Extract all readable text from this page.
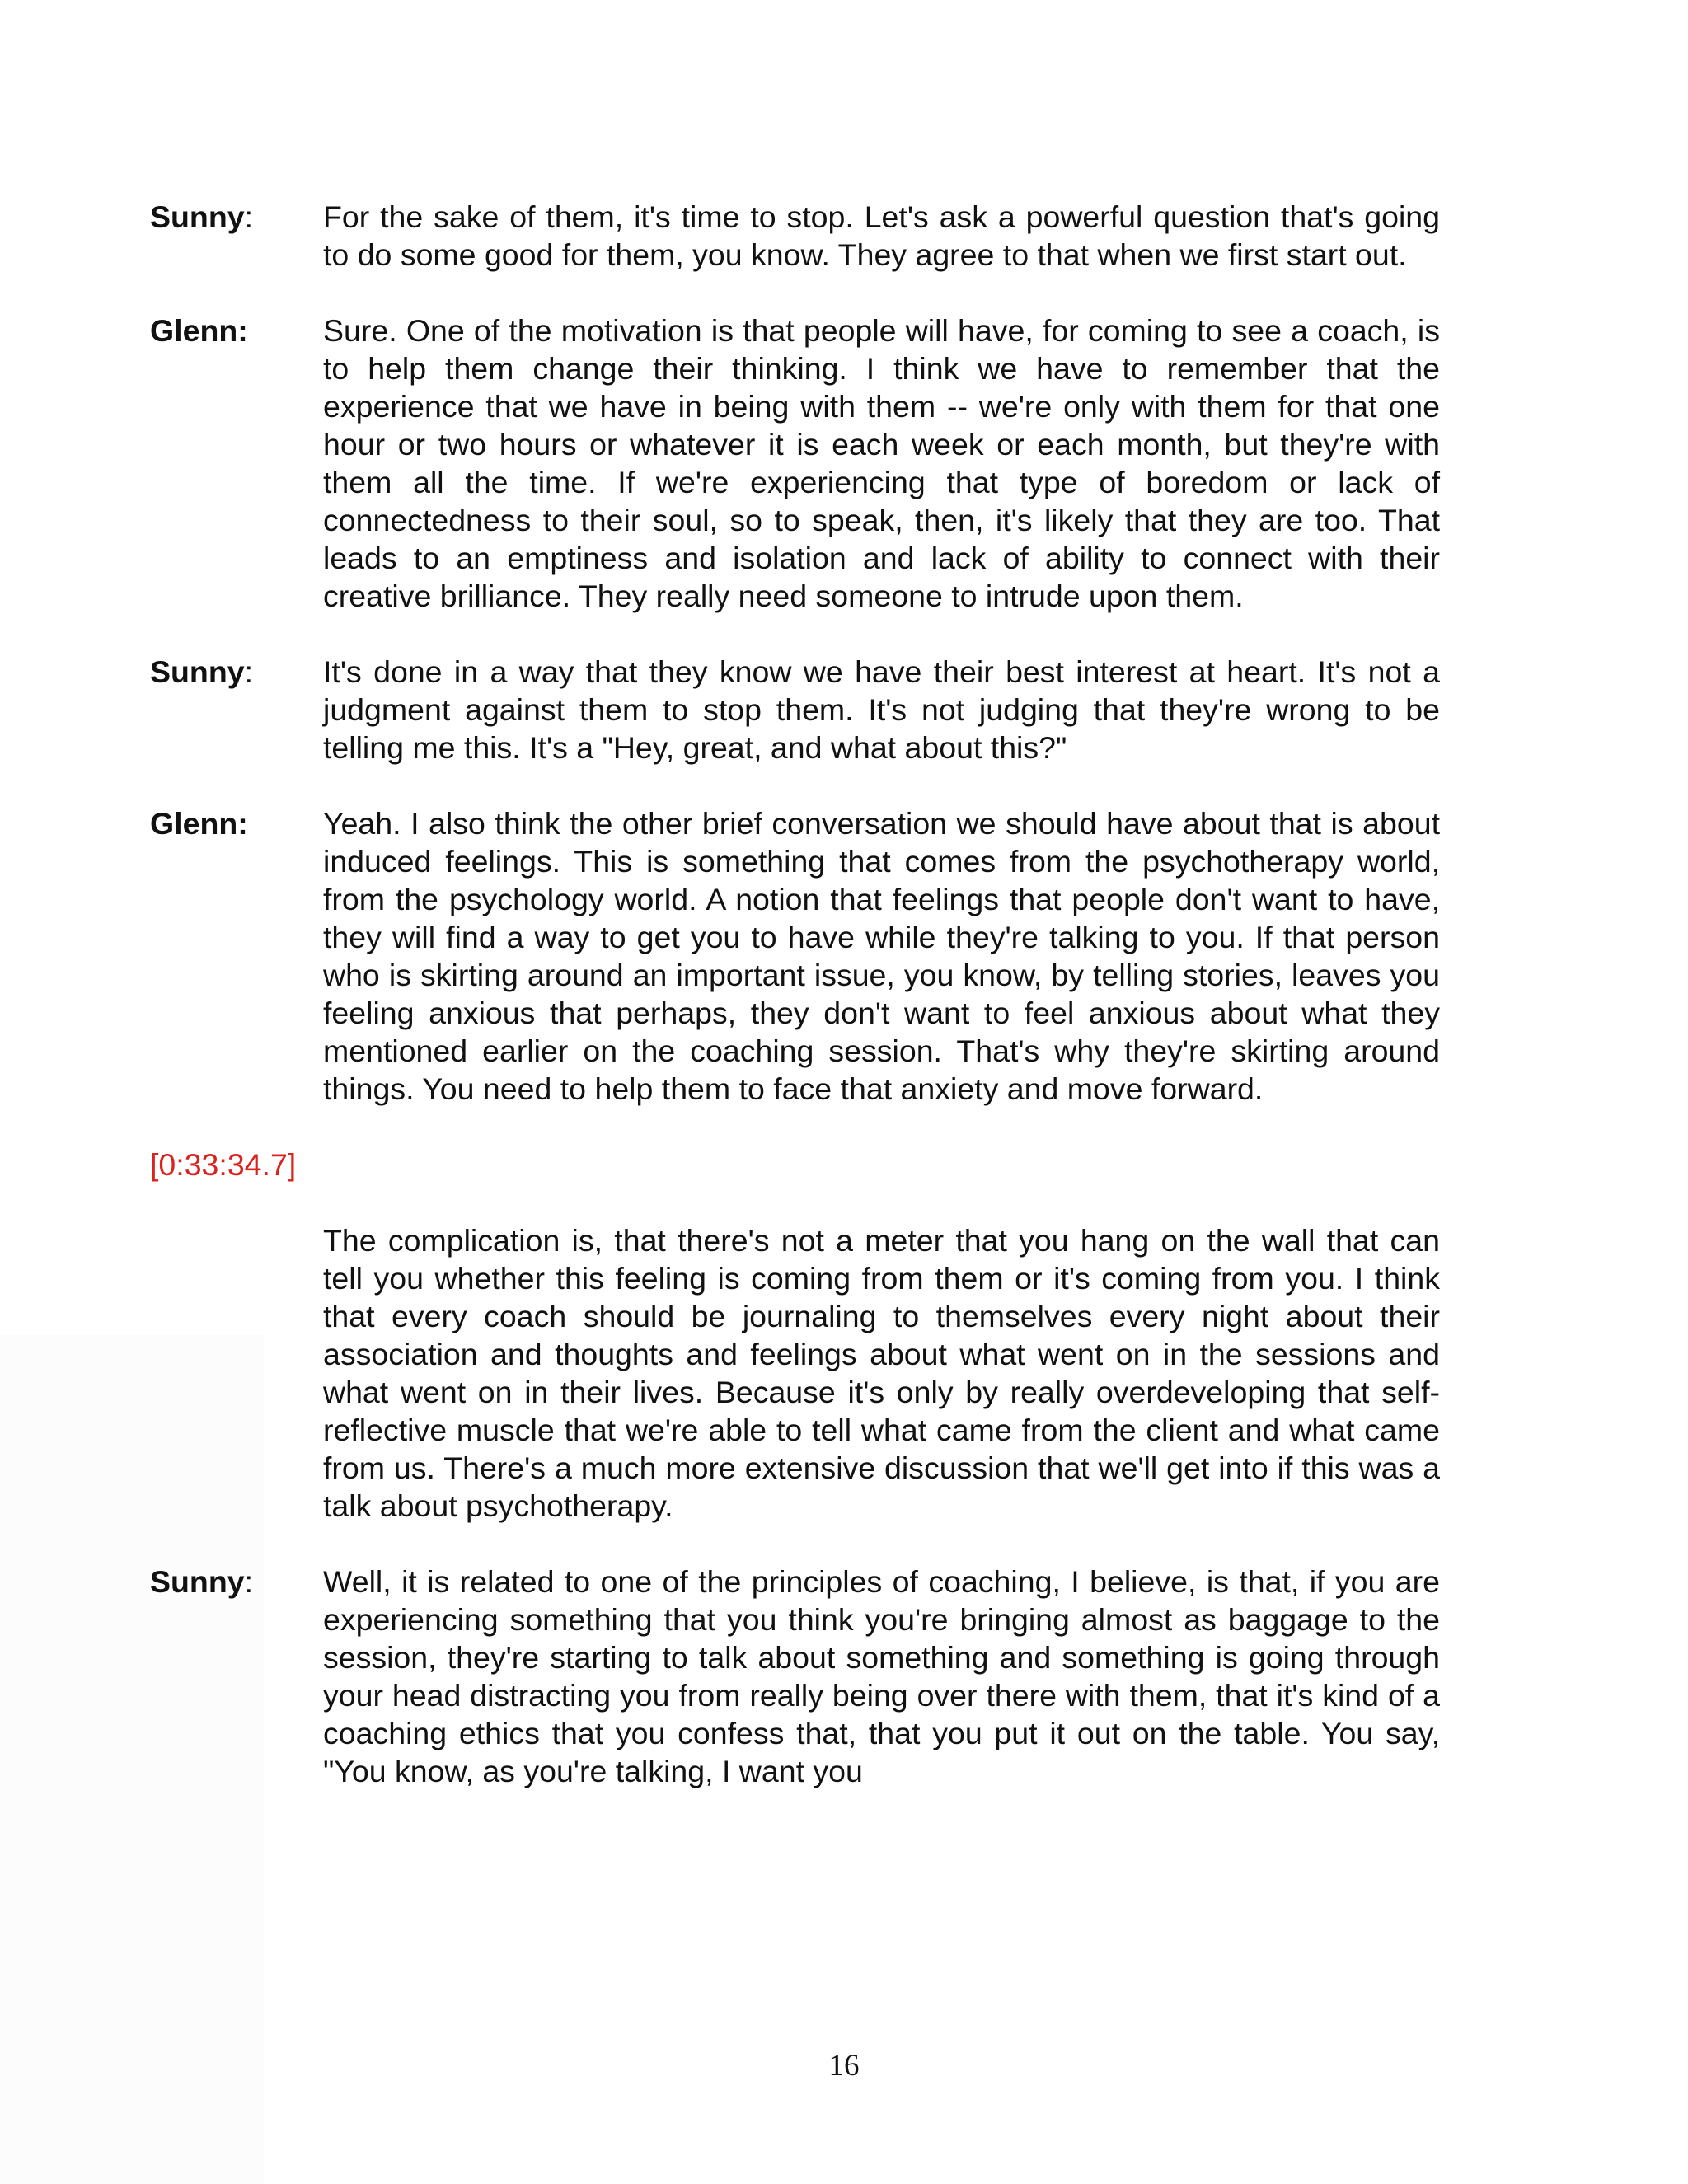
Sunny:	For the sake of them, it's time to stop. Let's ask a powerful question that's going to do some good for them, you know. They agree to that when we first start out.
Glenn:	Sure. One of the motivation is that people will have, for coming to see a coach, is to help them change their thinking. I think we have to remember that the experience that we have in being with them -- we're only with them for that one hour or two hours or whatever it is each week or each month, but they're with them all the time. If we're experiencing that type of boredom or lack of connectedness to their soul, so to speak, then, it's likely that they are too. That leads to an emptiness and isolation and lack of ability to connect with their creative brilliance. They really need someone to intrude upon them.
Sunny:	It's done in a way that they know we have their best interest at heart. It's not a judgment against them to stop them. It's not judging that they're wrong to be telling me this. It's a "Hey, great, and what about this?"
Glenn:	Yeah. I also think the other brief conversation we should have about that is about induced feelings. This is something that comes from the psychotherapy world, from the psychology world. A notion that feelings that people don't want to have, they will find a way to get you to have while they're talking to you. If that person who is skirting around an important issue, you know, by telling stories, leaves you feeling anxious that perhaps, they don't want to feel anxious about what they mentioned earlier on the coaching session. That's why they're skirting around things. You need to help them to face that anxiety and move forward.
[0:33:34.7]
The complication is, that there's not a meter that you hang on the wall that can tell you whether this feeling is coming from them or it's coming from you. I think that every coach should be journaling to themselves every night about their association and thoughts and feelings about what went on in the sessions and what went on in their lives. Because it's only by really overdeveloping that self-reflective muscle that we're able to tell what came from the client and what came from us. There's a much more extensive discussion that we'll get into if this was a talk about psychotherapy.
Sunny:	Well, it is related to one of the principles of coaching, I believe, is that, if you are experiencing something that you think you're bringing almost as baggage to the session, they're starting to talk about something and something is going through your head distracting you from really being over there with them, that it's kind of a coaching ethics that you confess that, that you put it out on the table. You say, "You know, as you're talking, I want you
16
